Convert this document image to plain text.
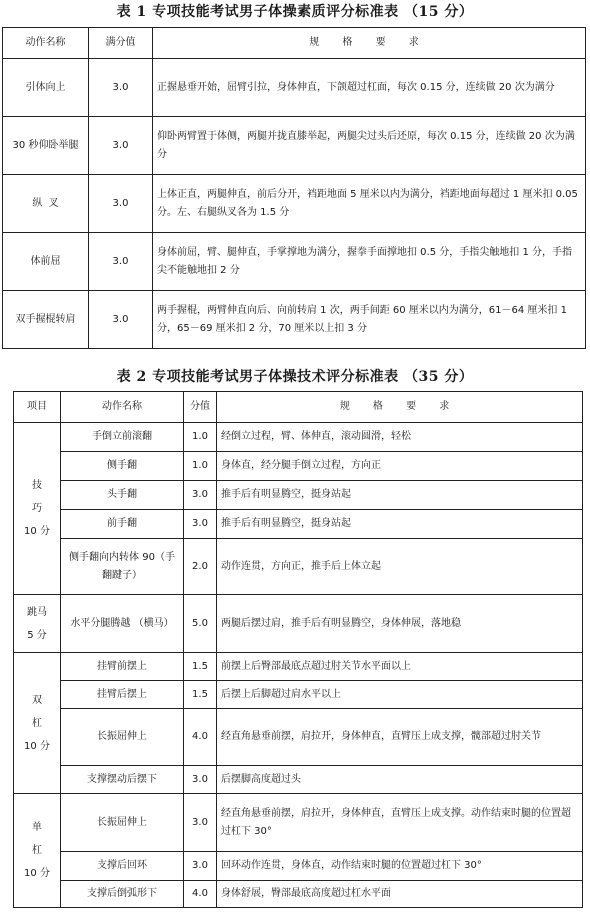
表 1 专项技能考试男子体操素质评分标准表 （15 分）
动作名称	满分值	规 格 要 求
引体向上	3.0	正握悬垂开始，屈臂引拉，身体伸直，下颌超过杠面，每次 0.15 分，连续做 20 次为满分
30 秒仰卧举腿	3.0	仰卧两臂置于体侧，两腿并拢直膝举起，两腿尖过头后还原，每次 0.15 分，连续做 20 次为满分
纵  叉	3.0	上体正直，两腿伸直，前后分开，裆距地面 5 厘米以内为满分，裆距地面每超过 1 厘米扣 0.05 分。左、右腿纵叉各为 1.5 分
体前屈	3.0	身体前屈，臂、腿伸直，手掌撑地为满分，握拳手面撑地扣 0.5 分，手指尖触地扣 1 分，手指尖不能触地扣 2 分
双手握棍转肩	3.0	两手握棍，两臂伸直向后、向前转肩 1 次，两手间距 60 厘米以内为满分，61－64 厘米扣 1 分，65－69 厘米扣 2 分，70 厘米以上扣 3 分
表 2 专项技能考试男子体操技术评分标准表 （35 分）
项目	动作名称	分值	规 格 要 求

技
巧
10 分	手倒立前滚翻	1.0	经倒立过程，臂、体伸直，滚动圆滑，轻松
	侧手翻	1.0	身体直，经分腿手倒立过程，方向正
	头手翻	3.0	推手后有明显腾空，挺身站起
	前手翻	3.0	推手后有明显腾空，挺身站起
	侧手翻向内转体 90（手翻踺子）	2.0	动作连贯，方向正，推手后上体立起

跳马
5 分	水平分腿腾越 （横马）	5.0	两腿后摆过肩，推手后有明显腾空，身体伸展，落地稳

双
杠
10 分	挂臂前摆上	1.5	前摆上后臀部最底点超过肘关节水平面以上
	挂臂后摆上	1.5	后摆上后脚超过肩水平以上
	长振屈伸上	4.0	经直角悬垂前摆，肩拉开，身体伸直，直臂压上成支撑，髋部超过肘关节
	支撑摆动后摆下	3.0	后摆脚高度超过头

单
杠
10 分	长振屈伸上	3.0	经直角悬垂前摆，肩拉开，身体伸直，直臂压上成支撑。动作结束时腿的位置超过杠下 30°
	支撑后回环	3.0	回环动作连贯，身体直，动作结束时腿的位置超过杠下 30°
	支撑后倒弧形下	4.0	身体舒展，臀部最底高度超过杠水平面
